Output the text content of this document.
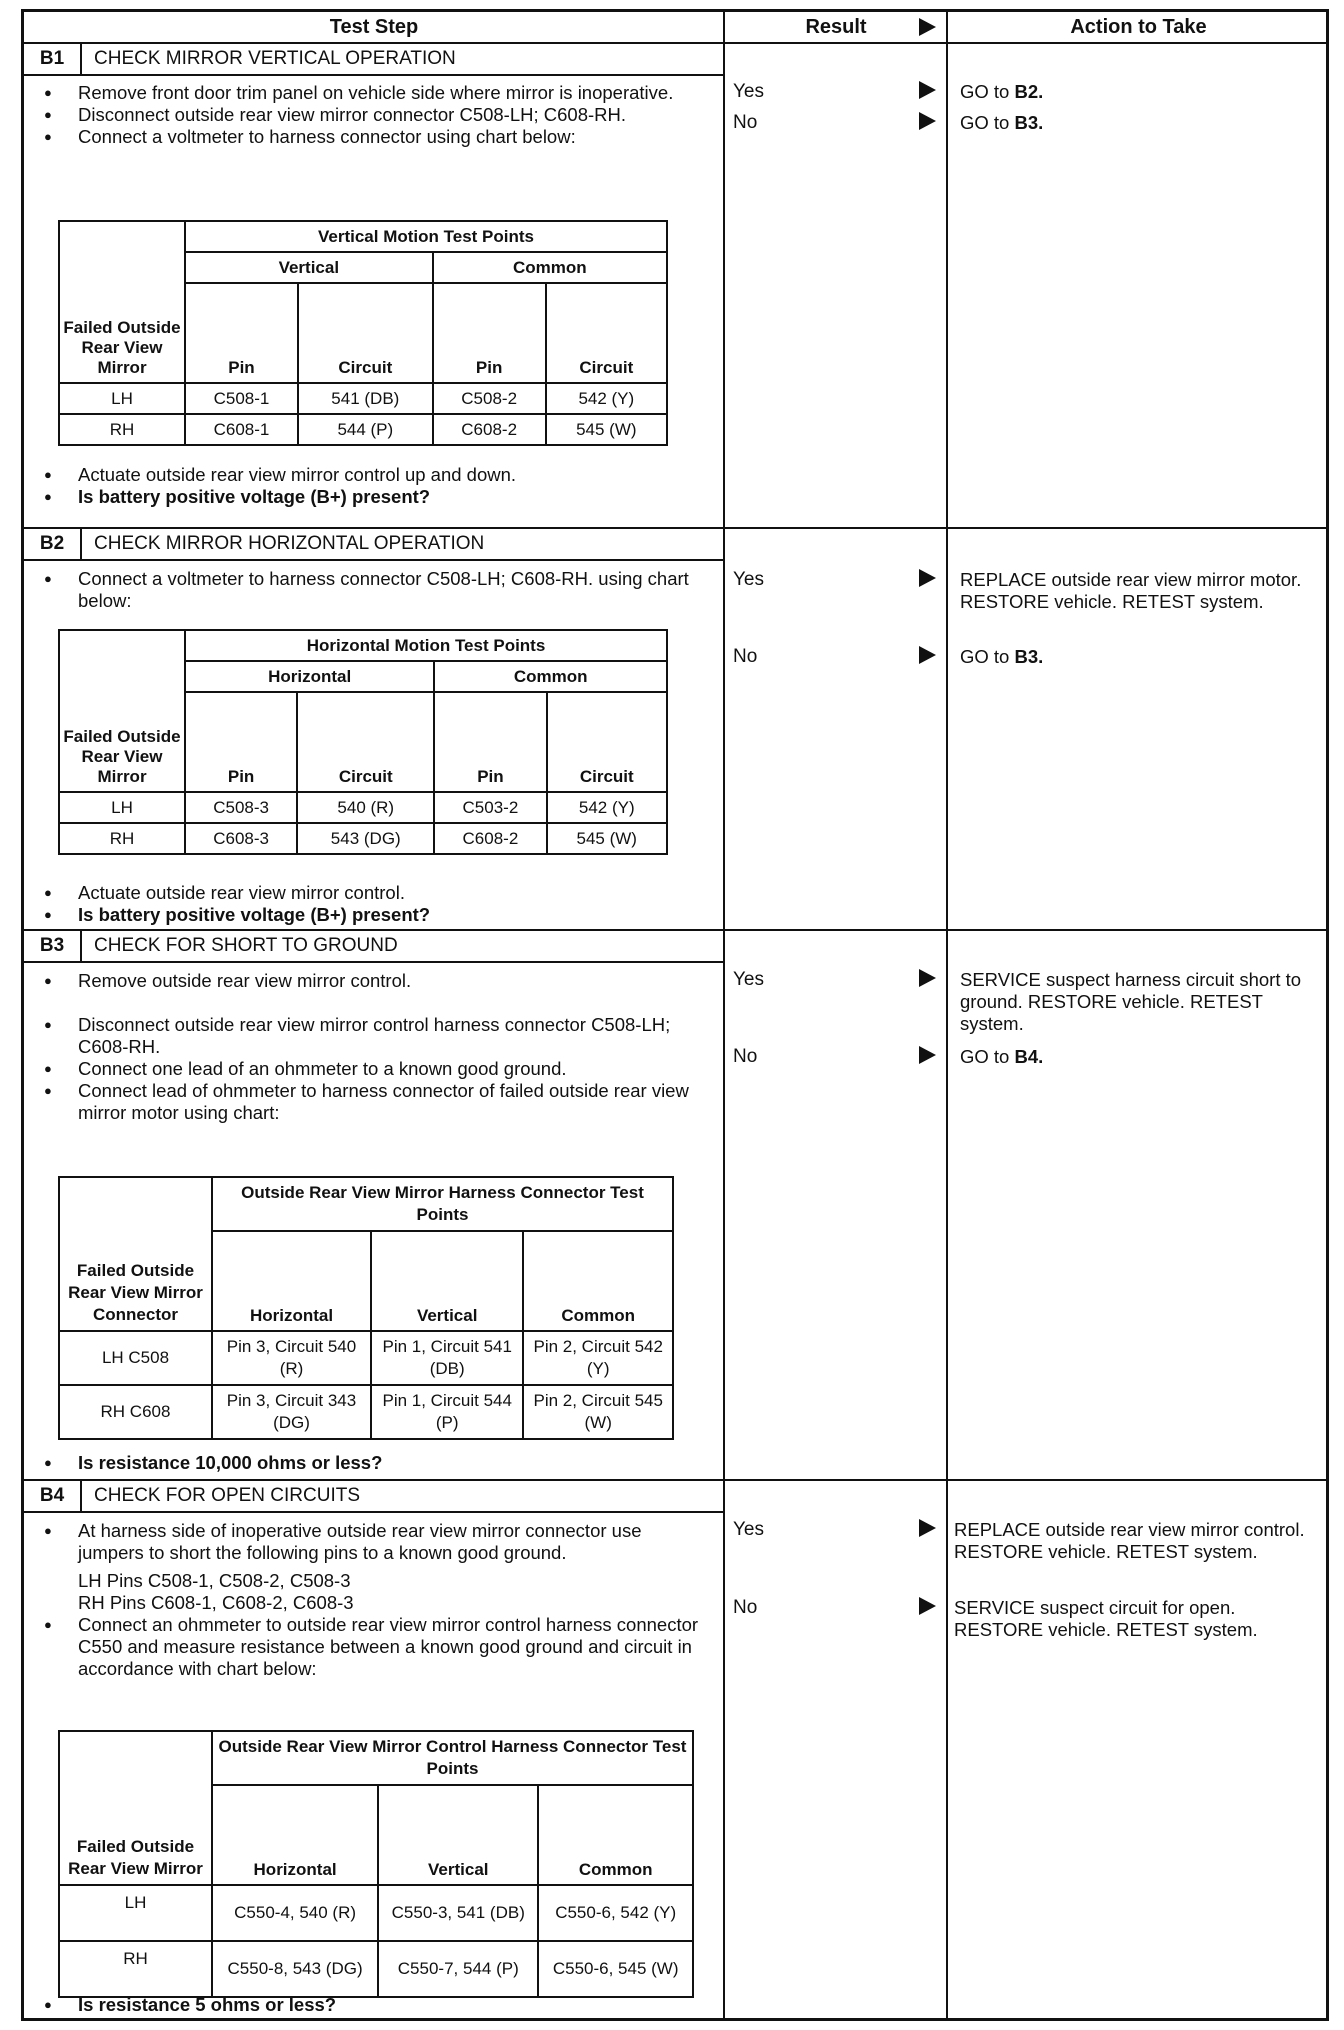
Test Step	Result	Action to Take
B1	CHECK MIRROR VERTICAL OPERATION

● Remove front door trim panel on vehicle side where mirror is inoperative.

● Disconnect outside rear view mirror connector C508-LH; C608-RH.

● Connect a voltmeter to harness connector using chart below:

Failed Outside Rear View Mirror	Vertical Motion Test Points			
	Vertical		Common	
	Pin	Circuit	Pin	Circuit
LH	C508-1	541 (DB)	C508-2	542 (Y)
RH	C608-1	544 (P)	C608-2	545 (W)

● Actuate outside rear view mirror control up and down.

● Is battery positive voltage (B+) present?

Yes	GO to B2.
No	GO to B3.
B2	CHECK MIRROR HORIZONTAL OPERATION

● Connect a voltmeter to harness connector C508-LH; C608-RH. using chart below:

Failed Outside Rear View Mirror	Horizontal Motion Test Points			
	Horizontal		Common	
	Pin	Circuit	Pin	Circuit
LH	C508-3	540 (R)	C503-2	542 (Y)
RH	C608-3	543 (DG)	C608-2	545 (W)

● Actuate outside rear view mirror control.

● Is battery positive voltage (B+) present?

Yes	REPLACE outside rear view mirror motor. RESTORE vehicle. RETEST system.
No	GO to B3.
B3	CHECK FOR SHORT TO GROUND

● Remove outside rear view mirror control.

● Disconnect outside rear view mirror control harness connector C508-LH; C608-RH.

● Connect one lead of an ohmmeter to a known good ground.

● Connect lead of ohmmeter to harness connector of failed outside rear view mirror motor using chart:

Failed Outside Rear View Mirror Connector	Outside Rear View Mirror Harness Connector Test Points		
	Horizontal	Vertical	Common
LH C508	Pin 3, Circuit 540 (R)	Pin 1, Circuit 541 (DB)	Pin 2, Circuit 542 (Y)
RH C608	Pin 3, Circuit 343 (DG)	Pin 1, Circuit 544 (P)	Pin 2, Circuit 545 (W)

● Is resistance 10,000 ohms or less?

Yes	SERVICE suspect harness circuit short to ground. RESTORE vehicle. RETEST system.
No	GO to B4.
B4	CHECK FOR OPEN CIRCUITS

● At harness side of inoperative outside rear view mirror connector use jumpers to short the following pins to a known good ground.

LH Pins C508-1, C508-2, C508-3

RH Pins C608-1, C608-2, C608-3

● Connect an ohmmeter to outside rear view mirror control harness connector C550 and measure resistance between a known good ground and circuit in accordance with chart below:

Failed Outside Rear View Mirror	Outside Rear View Mirror Control Harness Connector Test Points		
	Horizontal	Vertical	Common
LH	C550-4, 540 (R)	C550-3, 541 (DB)	C550-6, 542 (Y)
RH	C550-8, 543 (DG)	C550-7, 544 (P)	C550-6, 545 (W)

● Is resistance 5 ohms or less?

Yes	REPLACE outside rear view mirror control. RESTORE vehicle. RETEST system.
No	SERVICE suspect circuit for open. RESTORE vehicle. RETEST system.
